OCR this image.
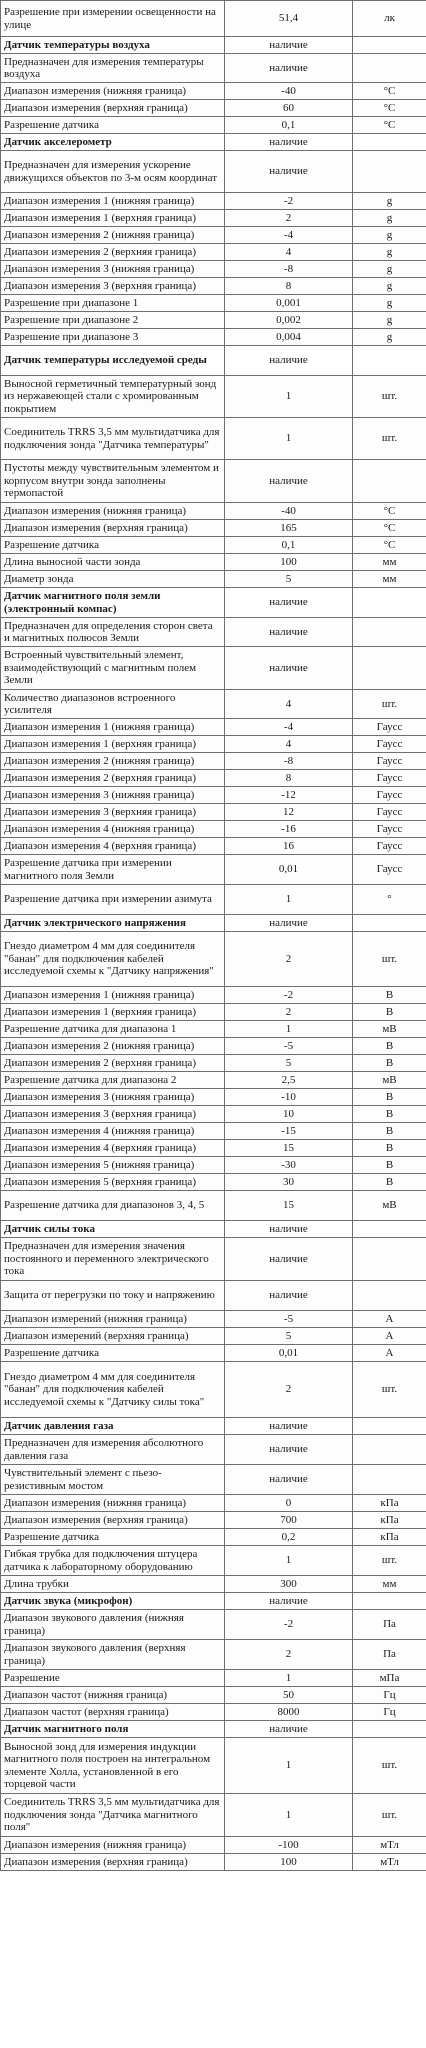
Разрешение при измерении освещенности на улице	51,4	лк
Датчик температуры воздуха	наличие	
Предназначен для измерения температуры воздуха	наличие	
Диапазон измерения (нижняя граница)	-40	°C
Диапазон измерения (верхняя граница)	60	°C
Разрешение датчика	0,1	°C
Датчик акселерометр	наличие	
Предназначен для измерения ускорение движущихся объектов по 3-м осям координат	наличие	
Диапазон измерения 1 (нижняя граница)	-2	g
Диапазон измерения 1 (верхняя граница)	2	g
Диапазон измерения 2 (нижняя граница)	-4	g
Диапазон измерения 2 (верхняя граница)	4	g
Диапазон измерения 3 (нижняя граница)	-8	g
Диапазон измерения 3 (верхняя граница)	8	g
Разрешение при диапазоне 1	0,001	g
Разрешение при диапазоне 2	0,002	g
Разрешение при диапазоне 3	0,004	g
Датчик температуры исследуемой среды	наличие	
Выносной герметичный температурный зонд из нержавеющей стали с хромированным покрытием	1	шт.
Соединитель TRRS 3,5 мм мультидатчика для подключения зонда "Датчика температуры"	1	шт.
Пустоты между чувствительным элементом и корпусом внутри зонда заполнены термопастой	наличие	
Диапазон измерения (нижняя граница)	-40	°C
Диапазон измерения (верхняя граница)	165	°C
Разрешение датчика	0,1	°C
Длина выносной части зонда	100	мм
Диаметр зонда	5	мм
Датчик магнитного поля земли (электронный компас)	наличие	
Предназначен для определения сторон света и магнитных полюсов Земли	наличие	
Встроенный чувствительный элемент, взаимодействующий с магнитным полем Земли	наличие	
Количество диапазонов встроенного усилителя	4	шт.
Диапазон измерения 1 (нижняя граница)	-4	Гаусс
Диапазон измерения 1 (верхняя граница)	4	Гаусс
Диапазон измерения 2 (нижняя граница)	-8	Гаусс
Диапазон измерения 2 (верхняя граница)	8	Гаусс
Диапазон измерения 3 (нижняя граница)	-12	Гаусс
Диапазон измерения 3 (верхняя граница)	12	Гаусс
Диапазон измерения 4 (нижняя граница)	-16	Гаусс
Диапазон измерения 4 (верхняя граница)	16	Гаусс
Разрешение датчика при измерении магнитного поля Земли	0,01	Гаусс
Разрешение датчика при измерении азимута	1	°
Датчик электрического напряжения	наличие	
Гнездо диаметром 4 мм для соединителя "банан" для подключения кабелей исследуемой схемы к "Датчику напряжения"	2	шт.
Диапазон измерения 1 (нижняя граница)	-2	В
Диапазон измерения 1 (верхняя граница)	2	В
Разрешение датчика для диапазона 1	1	мВ
Диапазон измерения 2 (нижняя граница)	-5	В
Диапазон измерения 2 (верхняя граница)	5	В
Разрешение датчика для диапазона 2	2,5	мВ
Диапазон измерения 3 (нижняя граница)	-10	В
Диапазон измерения 3 (верхняя граница)	10	В
Диапазон измерения 4 (нижняя граница)	-15	В
Диапазон измерения 4 (верхняя граница)	15	В
Диапазон измерения 5 (нижняя граница)	-30	В
Диапазон измерения 5 (верхняя граница)	30	В
Разрешение датчика для диапазонов 3, 4, 5	15	мВ
Датчик силы тока	наличие	
Предназначен для измерения значения постоянного и переменного электрического тока	наличие	
Защита от перегрузки по току и напряжению	наличие	
Диапазон измерений (нижняя граница)	-5	А
Диапазон измерений (верхняя граница)	5	А
Разрешение датчика	0,01	А
Гнездо диаметром 4 мм для соединителя "банан" для подключения кабелей исследуемой схемы к "Датчику силы тока"	2	шт.
Датчик давления газа	наличие	
Предназначен для измерения абсолютного давления газа	наличие	
Чувствительный элемент с пьезо-резистивным мостом	наличие	
Диапазон измерения (нижняя граница)	0	кПа
Диапазон измерения (верхняя граница)	700	кПа
Разрешение датчика	0,2	кПа
Гибкая трубка для подключения штуцера датчика к лабораторному оборудованию	1	шт.
Длина трубки	300	мм
Датчик звука (микрофон)	наличие	
Диапазон звукового давления (нижняя граница)	-2	Па
Диапазон звукового давления (верхняя граница)	2	Па
Разрешение	1	мПа
Диапазон частот (нижняя граница)	50	Гц
Диапазон частот (верхняя граница)	8000	Гц
Датчик магнитного поля	наличие	
Выносной зонд для измерения индукции магнитного поля построен на интегральном элементе Холла, установленной в его торцевой части	1	шт.
Соединитель TRRS 3,5 мм мультидатчика для подключения зонда "Датчика магнитного поля"	1	шт.
Диапазон измерения (нижняя граница)	-100	мТл
Диапазон измерения (верхняя граница)	100	мТл
